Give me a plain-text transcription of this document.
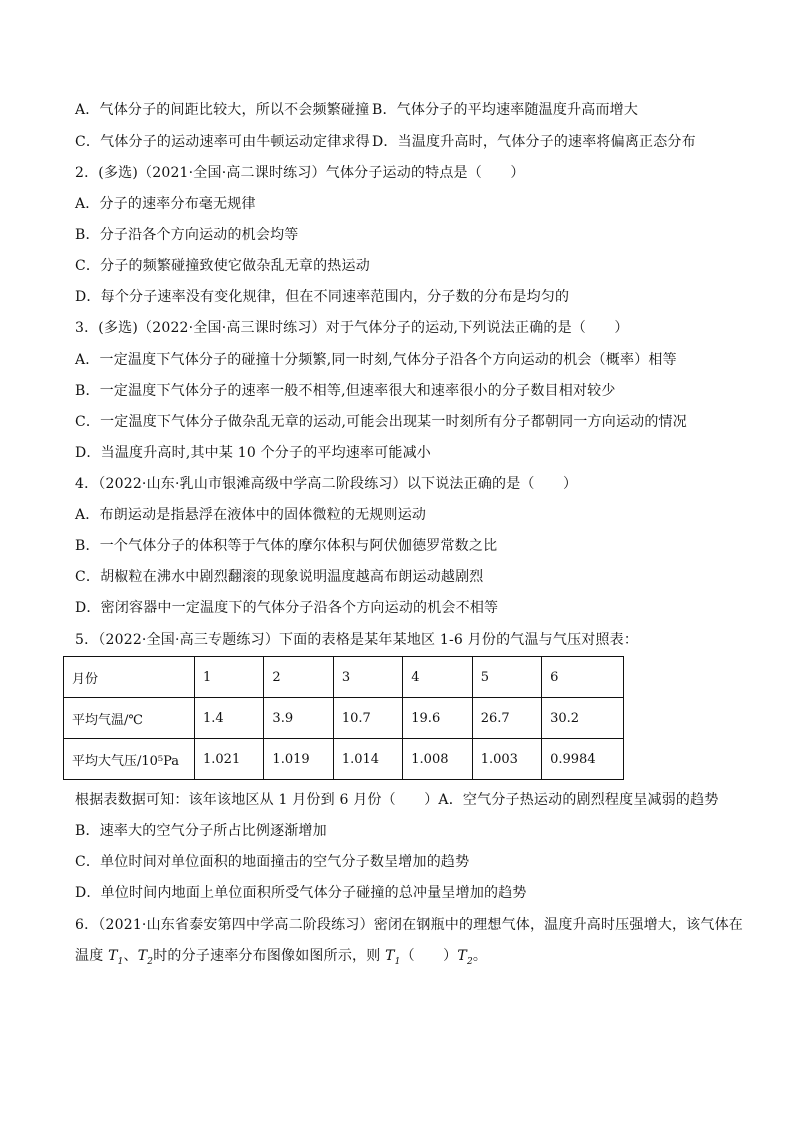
A．气体分子的间距比较大，所以不会频繁碰撞 B．气体分子的平均速率随温度升高而增大
C．气体分子的运动速率可由牛顿运动定律求得 D．当温度升高时，气体分子的速率将偏离正态分布
2．(多选)（2021·全国·高二课时练习）气体分子运动的特点是（　　）
A．分子的速率分布毫无规律
B．分子沿各个方向运动的机会均等
C．分子的频繁碰撞致使它做杂乱无章的热运动
D．每个分子速率没有变化规律，但在不同速率范围内，分子数的分布是均匀的
3．(多选)（2022·全国·高三课时练习）对于气体分子的运动,下列说法正确的是（　　）
A．一定温度下气体分子的碰撞十分频繁,同一时刻,气体分子沿各个方向运动的机会（概率）相等
B．一定温度下气体分子的速率一般不相等,但速率很大和速率很小的分子数目相对较少
C．一定温度下气体分子做杂乱无章的运动,可能会出现某一时刻所有分子都朝同一方向运动的情况
D．当温度升高时,其中某 10 个分子的平均速率可能减小
4．（2022·山东·乳山市银滩高级中学高二阶段练习）以下说法正确的是（　　）
A．布朗运动是指悬浮在液体中的固体微粒的无规则运动
B．一个气体分子的体积等于气体的摩尔体积与阿伏伽德罗常数之比
C．胡椒粒在沸水中剧烈翻滚的现象说明温度越高布朗运动越剧烈
D．密闭容器中一定温度下的气体分子沿各个方向运动的机会不相等
5．（2022·全国·高三专题练习）下面的表格是某年某地区 1-6 月份的气温与气压对照表：
月份	1	2	3	4	5	6
平均气温/℃	1.4	3.9	10.7	19.6	26.7	30.2
平均大气压/10⁵Pa	1.021	1.019	1.014	1.008	1.003	0.9984
根据表数据可知：该年该地区从 1 月份到 6 月份（　　）A．空气分子热运动的剧烈程度呈减弱的趋势
B．速率大的空气分子所占比例逐渐增加
C．单位时间对单位面积的地面撞击的空气分子数呈增加的趋势
D．单位时间内地面上单位面积所受气体分子碰撞的总冲量呈增加的趋势
6．（2021·山东省泰安第四中学高二阶段练习）密闭在钢瓶中的理想气体，温度升高时压强增大，该气体在
温度 $T_1$、$T_2$时的分子速率分布图像如图所示，则 $T_1$（　　）$T_2$。
